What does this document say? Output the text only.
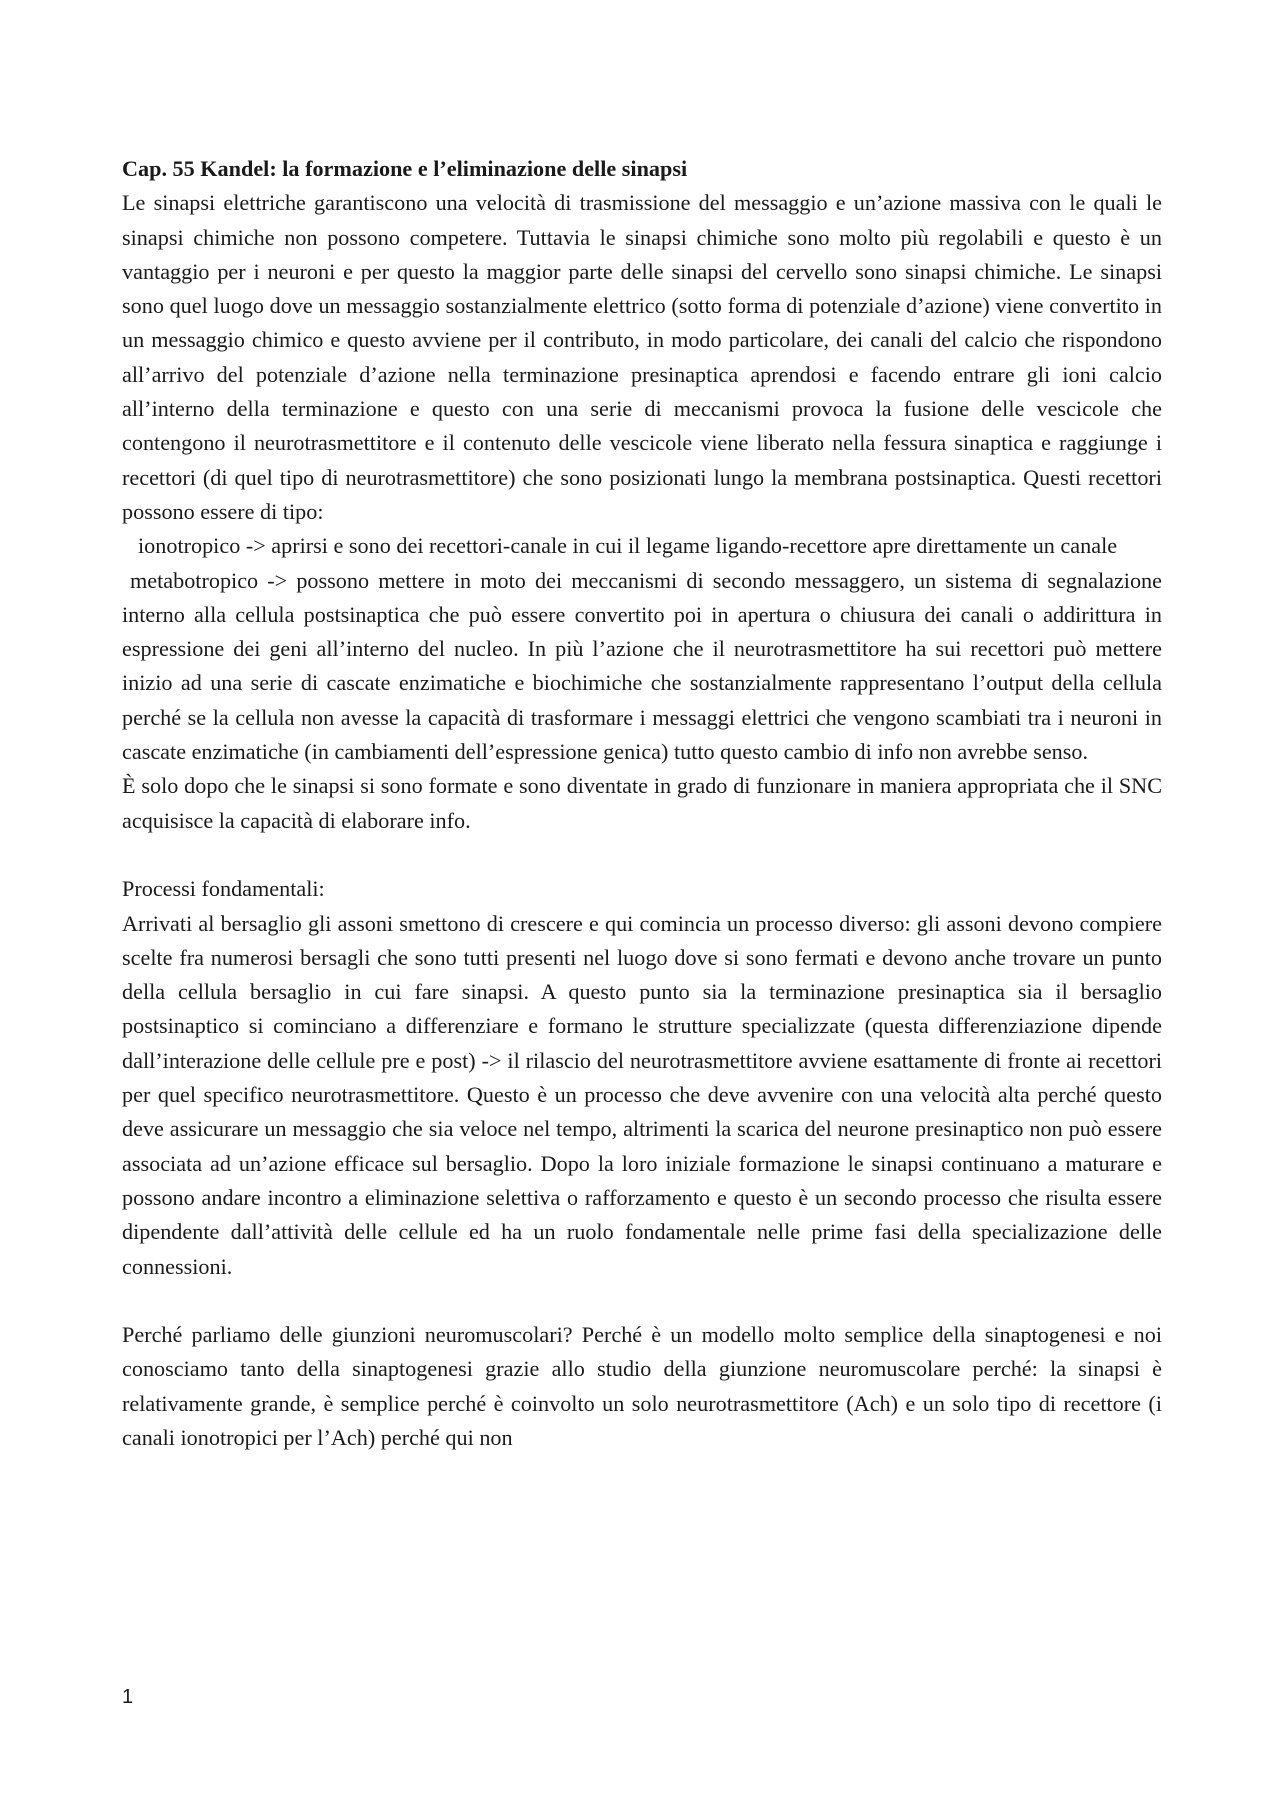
Cap. 55 Kandel: la formazione e l’eliminazione delle sinapsi

Le sinapsi elettriche garantiscono una velocità di trasmissione del messaggio e un’azione massiva con le quali le sinapsi chimiche non possono competere. Tuttavia le sinapsi chimiche sono molto più regolabili e questo è un vantaggio per i neuroni e per questo la maggior parte delle sinapsi del cervello sono sinapsi chimiche. Le sinapsi sono quel luogo dove un messaggio sostanzialmente elettrico (sotto forma di potenziale d’azione) viene convertito in un messaggio chimico e questo avviene per il contributo, in modo particolare, dei canali del calcio che rispondono all’arrivo del potenziale d’azione nella terminazione presinaptica aprendosi e facendo entrare gli ioni calcio all’interno della terminazione e questo con una serie di meccanismi provoca la fusione delle vescicole che contengono il neurotrasmettitore e il contenuto delle vescicole viene liberato nella fessura sinaptica e raggiunge i recettori (di quel tipo di neurotrasmettitore) che sono posizionati lungo la membrana postsinaptica. Questi recettori possono essere di tipo:

ionotropico -> aprirsi e sono dei recettori-canale in cui il legame ligando-recettore apre direttamente un canale

metabotropico -> possono mettere in moto dei meccanismi di secondo messaggero, un sistema di segnalazione interno alla cellula postsinaptica che può essere convertito poi in apertura o chiusura dei canali o addirittura in espressione dei geni all’interno del nucleo. In più l’azione che il neurotrasmettitore ha sui recettori può mettere inizio ad una serie di cascate enzimatiche e biochimiche che sostanzialmente rappresentano l’output della cellula perché se la cellula non avesse la capacità di trasformare i messaggi elettrici che vengono scambiati tra i neuroni in cascate enzimatiche (in cambiamenti dell’espressione genica) tutto questo cambio di info non avrebbe senso.

È solo dopo che le sinapsi si sono formate e sono diventate in grado di funzionare in maniera appropriata che il SNC acquisisce la capacità di elaborare info.

Processi fondamentali:

Arrivati al bersaglio gli assoni smettono di crescere e qui comincia un processo diverso: gli assoni devono compiere scelte fra numerosi bersagli che sono tutti presenti nel luogo dove si sono fermati e devono anche trovare un punto della cellula bersaglio in cui fare sinapsi. A questo punto sia la terminazione presinaptica sia il bersaglio postsinaptico si cominciano a differenziare e formano le strutture specializzate (questa differenziazione dipende dall’interazione delle cellule pre e post) -> il rilascio del neurotrasmettitore avviene esattamente di fronte ai recettori per quel specifico neurotrasmettitore. Questo è un processo che deve avvenire con una velocità alta perché questo deve assicurare un messaggio che sia veloce nel tempo, altrimenti la scarica del neurone presinaptico non può essere associata ad un’azione efficace sul bersaglio. Dopo la loro iniziale formazione le sinapsi continuano a maturare e possono andare incontro a eliminazione selettiva o rafforzamento e questo è un secondo processo che risulta essere dipendente dall’attività delle cellule ed ha un ruolo fondamentale nelle prime fasi della specializazione delle connessioni.

Perché parliamo delle giunzioni neuromuscolari? Perché è un modello molto semplice della sinaptogenesi e noi conosciamo tanto della sinaptogenesi grazie allo studio della giunzione neuromuscolare perché: la sinapsi è relativamente grande, è semplice perché è coinvolto un solo neurotrasmettitore (Ach) e un solo tipo di recettore (i canali ionotropici per l’Ach) perché qui non

1
